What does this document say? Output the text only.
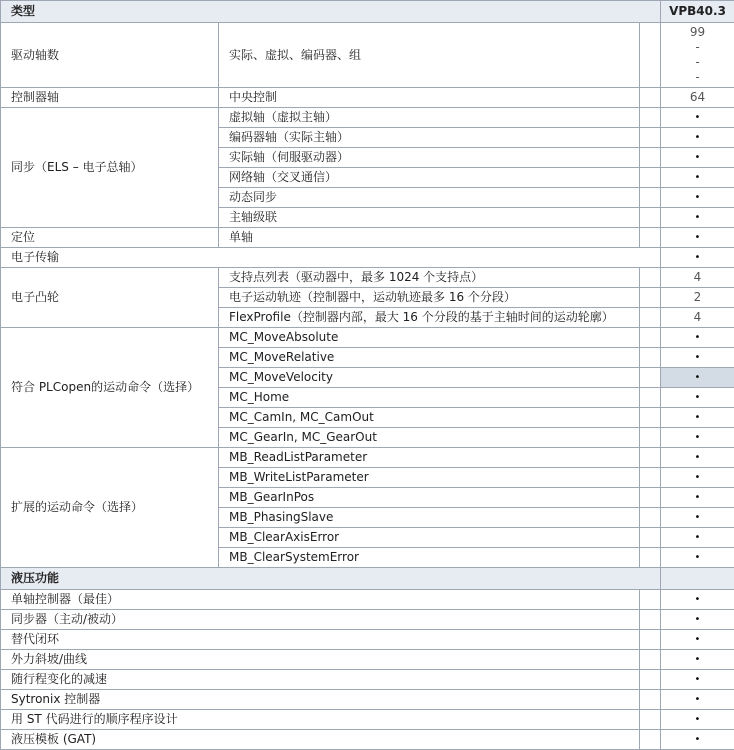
类型			VPB40.3
驱动轴数	实际、虚拟、编码器、组		99
-
-
-

控制器轴	中央控制		64
同步（ELS – 电子总轴）	虚拟轴（虚拟主轴）		•
	编码器轴（实际主轴）		•
	实际轴（伺服驱动器）		•
	网络轴（交叉通信）		•
	动态同步		•
	主轴级联		•
定位	单轴		•
电子传输			•
电子凸轮	支持点列表（驱动器中，最多 1024 个支持点）		4
	电子运动轨迹（控制器中，运动轨迹最多 16 个分段）		2
	FlexProfile（控制器内部，最大 16 个分段的基于主轴时间的运动轮廓）		4
符合 PLCopen的运动命令（选择）	MC_MoveAbsolute		•
	MC_MoveRelative		•
	MC_MoveVelocity		•
	MC_Home		•
	MC_CamIn, MC_CamOut		•
	MC_GearIn, MC_GearOut		•
扩展的运动命令（选择）	MB_ReadListParameter		•
	MB_WriteListParameter		•
	MB_GearInPos		•
	MB_PhasingSlave		•
	MB_ClearAxisError		•
	MB_ClearSystemError		•
液压功能			
单轴控制器（最佳）			•
同步器（主动/被动）			•
替代闭环			•
外力斜坡/曲线			•
随行程变化的减速			•
Sytronix 控制器			•
用 ST 代码进行的顺序程序设计			•
液压模板 (GAT)			•
